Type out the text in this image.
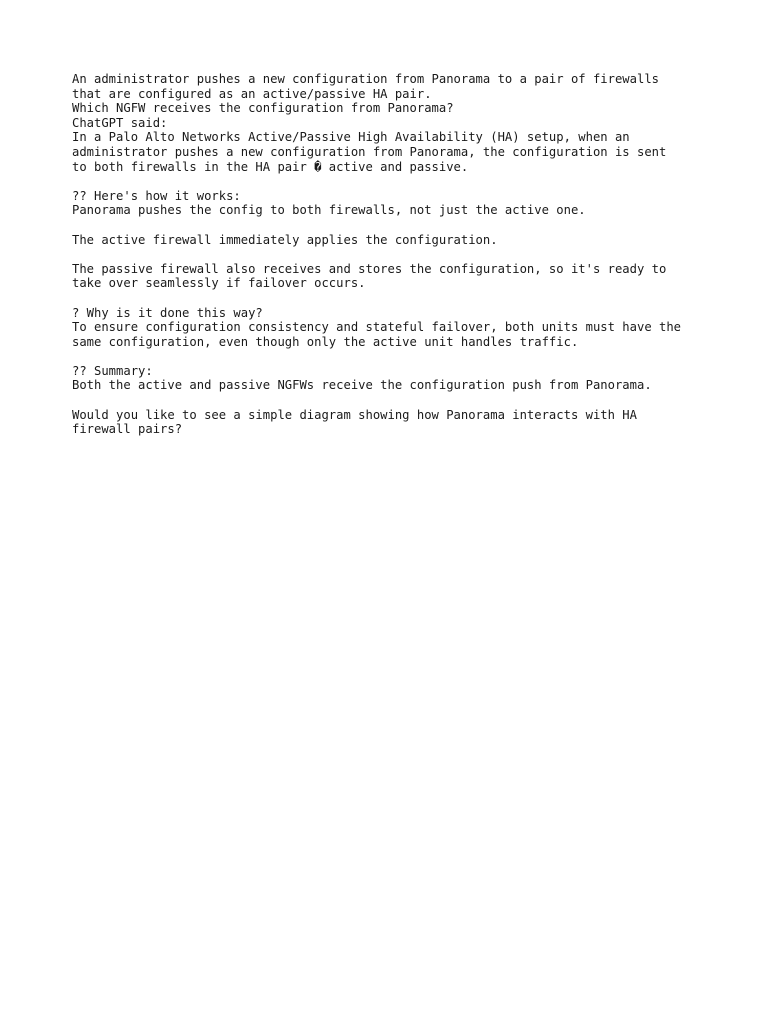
An administrator pushes a new configuration from Panorama to a pair of firewalls
that are configured as an active/passive HA pair.
Which NGFW receives the configuration from Panorama?
ChatGPT said:
In a Palo Alto Networks Active/Passive High Availability (HA) setup, when an
administrator pushes a new configuration from Panorama, the configuration is sent
to both firewalls in the HA pair � active and passive.
?? Here's how it works:
Panorama pushes the config to both firewalls, not just the active one.
The active firewall immediately applies the configuration.
The passive firewall also receives and stores the configuration, so it's ready to
take over seamlessly if failover occurs.
? Why is it done this way?
To ensure configuration consistency and stateful failover, both units must have the
same configuration, even though only the active unit handles traffic.
?? Summary:
Both the active and passive NGFWs receive the configuration push from Panorama.
Would you like to see a simple diagram showing how Panorama interacts with HA
firewall pairs?
